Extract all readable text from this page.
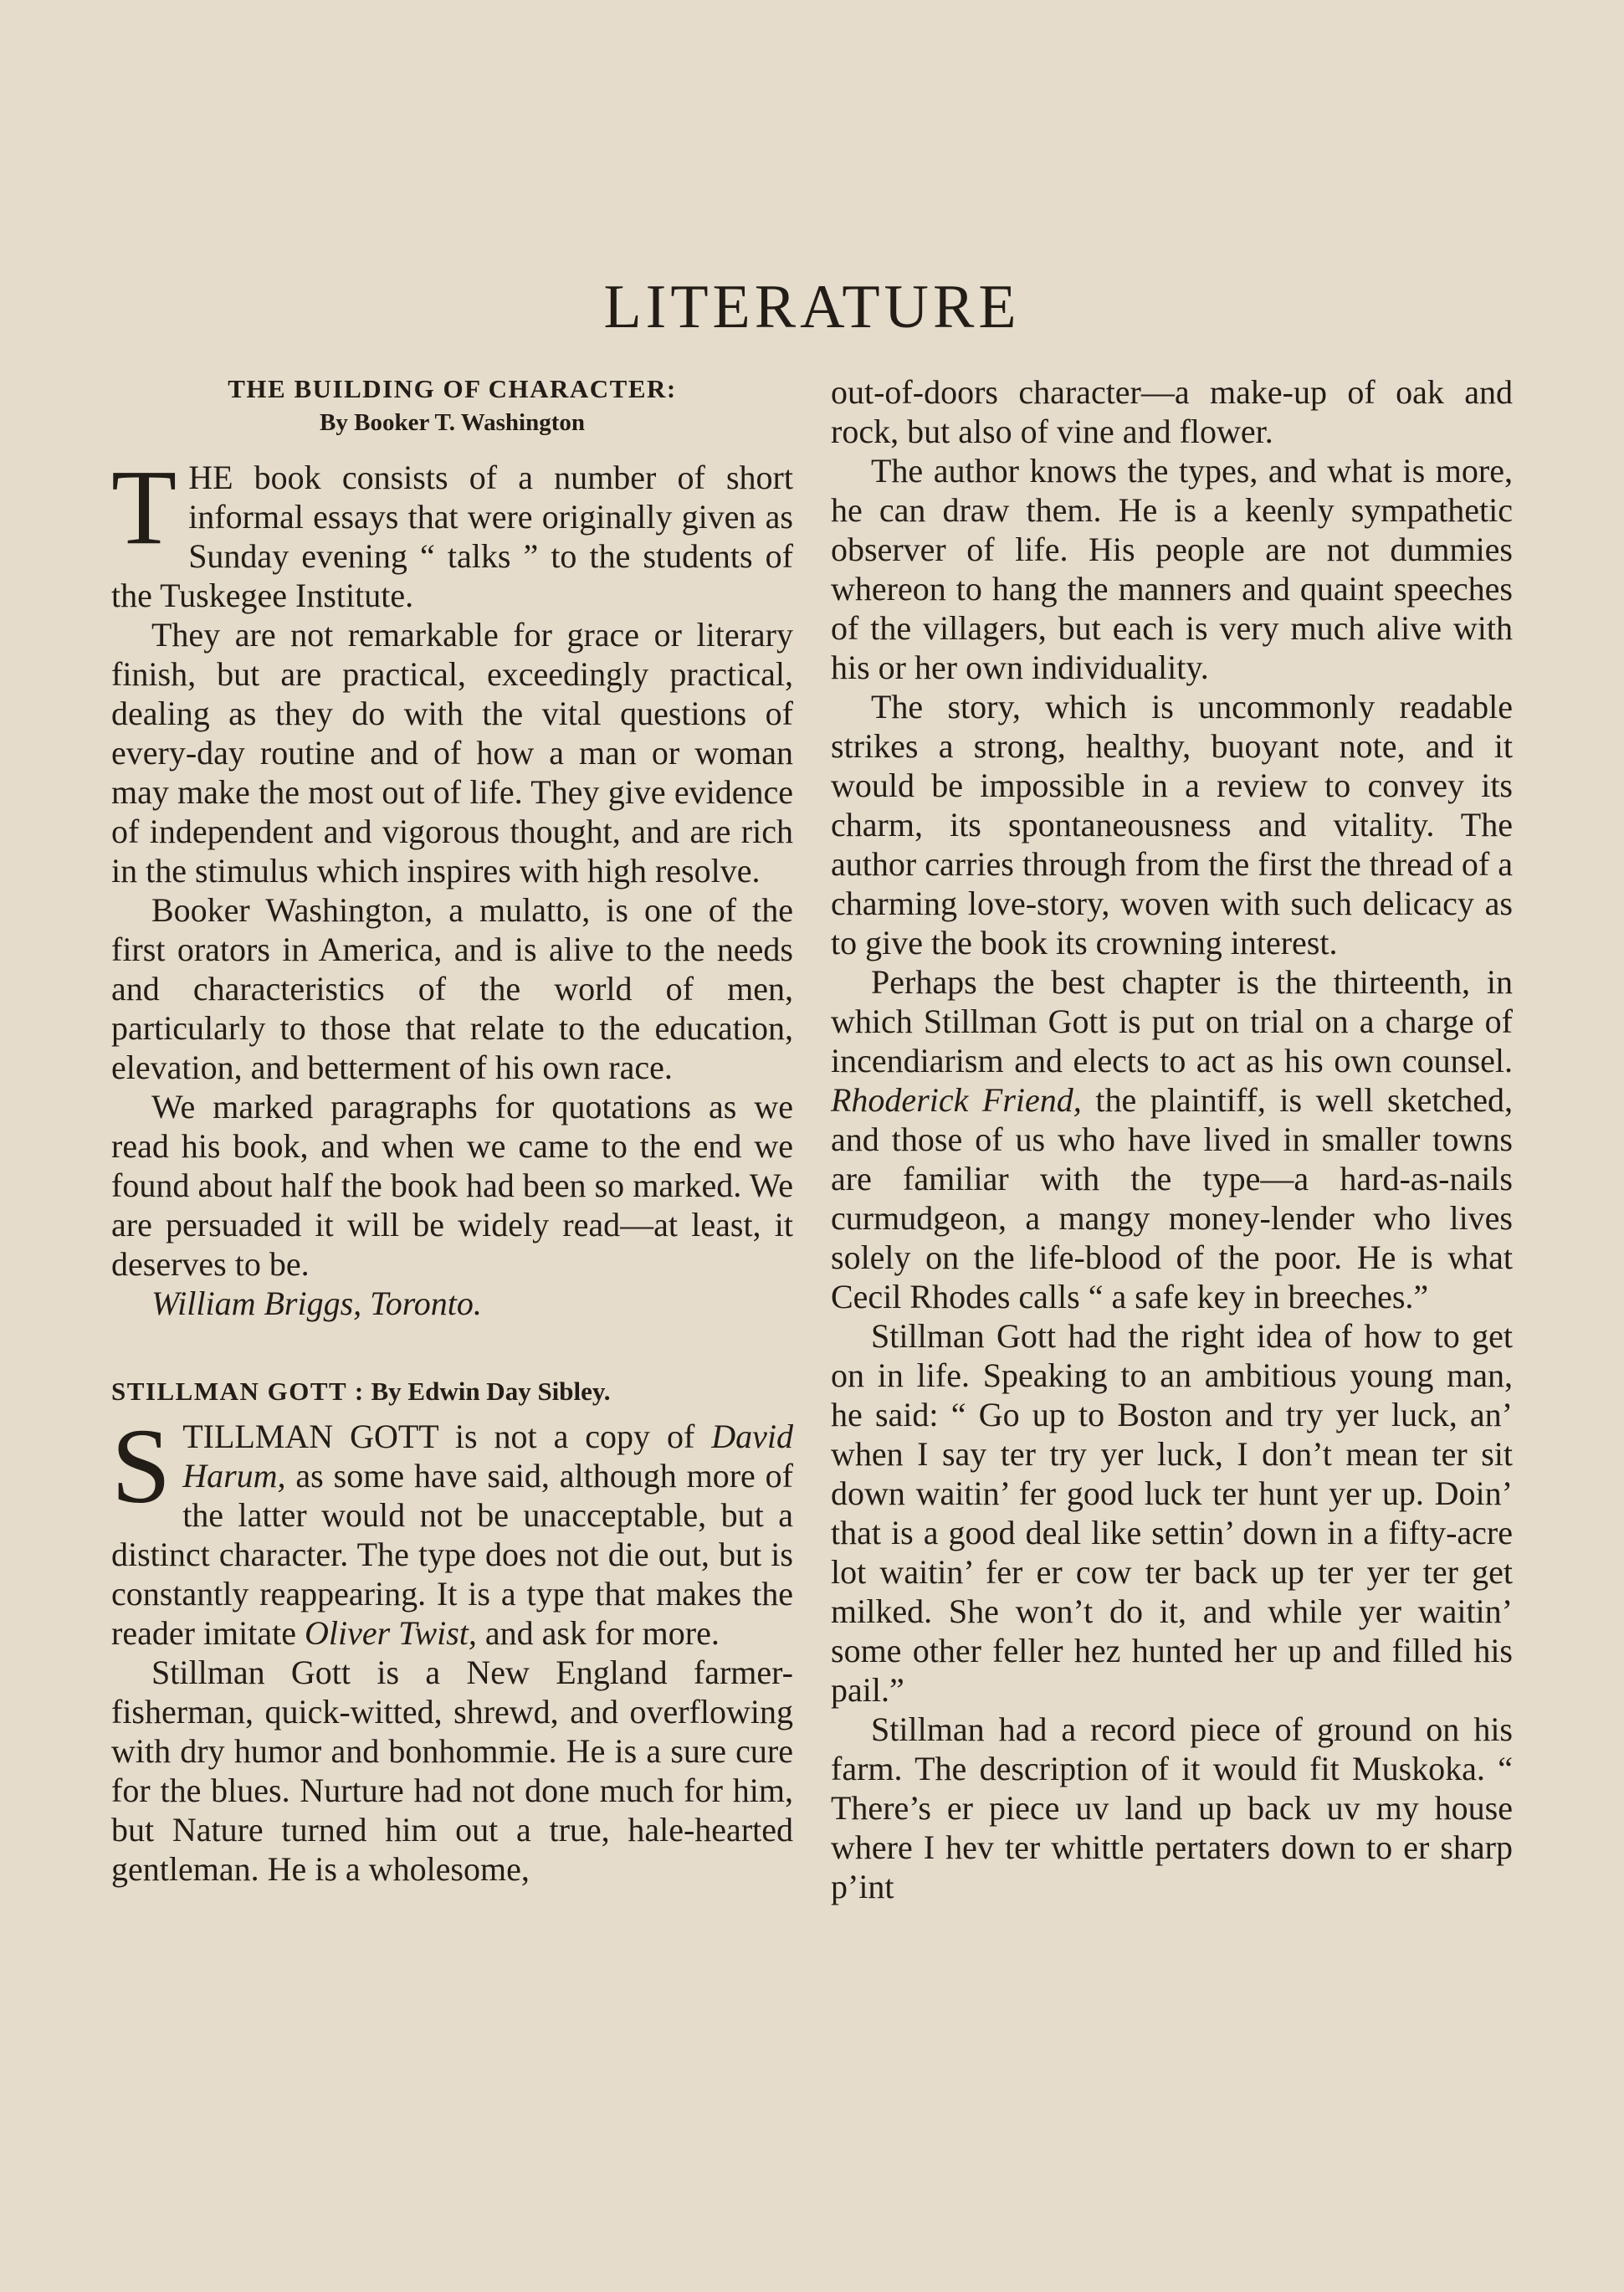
LITERATURE
THE BUILDING OF CHARACTER:
By Booker T. Washington

THE book consists of a number of short informal essays that were originally given as Sunday evening “ talks ” to the students of the Tuskegee Institute.

They are not remarkable for grace or literary finish, but are practical, exceedingly practical, dealing as they do with the vital questions of every-day routine and of how a man or woman may make the most out of life. They give evidence of independent and vigorous thought, and are rich in the stimulus which inspires with high resolve.

Booker Washington, a mulatto, is one of the first orators in America, and is alive to the needs and characteristics of the world of men, particularly to those that relate to the education, elevation, and betterment of his own race.

We marked paragraphs for quotations as we read his book, and when we came to the end we found about half the book had been so marked. We are persuaded it will be widely read—at least, it deserves to be.

William Briggs, Toronto.

STILLMAN GOTT : By Edwin Day Sibley.

STILLMAN GOTT is not a copy of David Harum, as some have said, although more of the latter would not be unacceptable, but a distinct character. The type does not die out, but is constantly reappearing. It is a type that makes the reader imitate Oliver Twist, and ask for more.

Stillman Gott is a New England farmer-fisherman, quick-witted, shrewd, and overflowing with dry humor and bonhommie. He is a sure cure for the blues. Nurture had not done much for him, but Nature turned him out a true, hale-hearted gentleman. He is a wholesome,

out-of-doors character—a make-up of oak and rock, but also of vine and flower.

The author knows the types, and what is more, he can draw them. He is a keenly sympathetic observer of life. His people are not dummies whereon to hang the manners and quaint speeches of the villagers, but each is very much alive with his or her own individuality.

The story, which is uncommonly readable strikes a strong, healthy, buoyant note, and it would be impossible in a review to convey its charm, its spontaneousness and vitality. The author carries through from the first the thread of a charming love-story, woven with such delicacy as to give the book its crowning interest.

Perhaps the best chapter is the thirteenth, in which Stillman Gott is put on trial on a charge of incendiarism and elects to act as his own counsel. Rhoderick Friend, the plaintiff, is well sketched, and those of us who have lived in smaller towns are familiar with the type—a hard-as-nails curmudgeon, a mangy money-lender who lives solely on the life-blood of the poor. He is what Cecil Rhodes calls “ a safe key in breeches.”

Stillman Gott had the right idea of how to get on in life. Speaking to an ambitious young man, he said: “ Go up to Boston and try yer luck, an’ when I say ter try yer luck, I don’t mean ter sit down waitin’ fer good luck ter hunt yer up. Doin’ that is a good deal like settin’ down in a fifty-acre lot waitin’ fer er cow ter back up ter yer ter get milked. She won’t do it, and while yer waitin’ some other feller hez hunted her up and filled his pail.”

Stillman had a record piece of ground on his farm. The description of it would fit Muskoka. “ There’s er piece uv land up back uv my house where I hev ter whittle pertaters down to er sharp p’int
